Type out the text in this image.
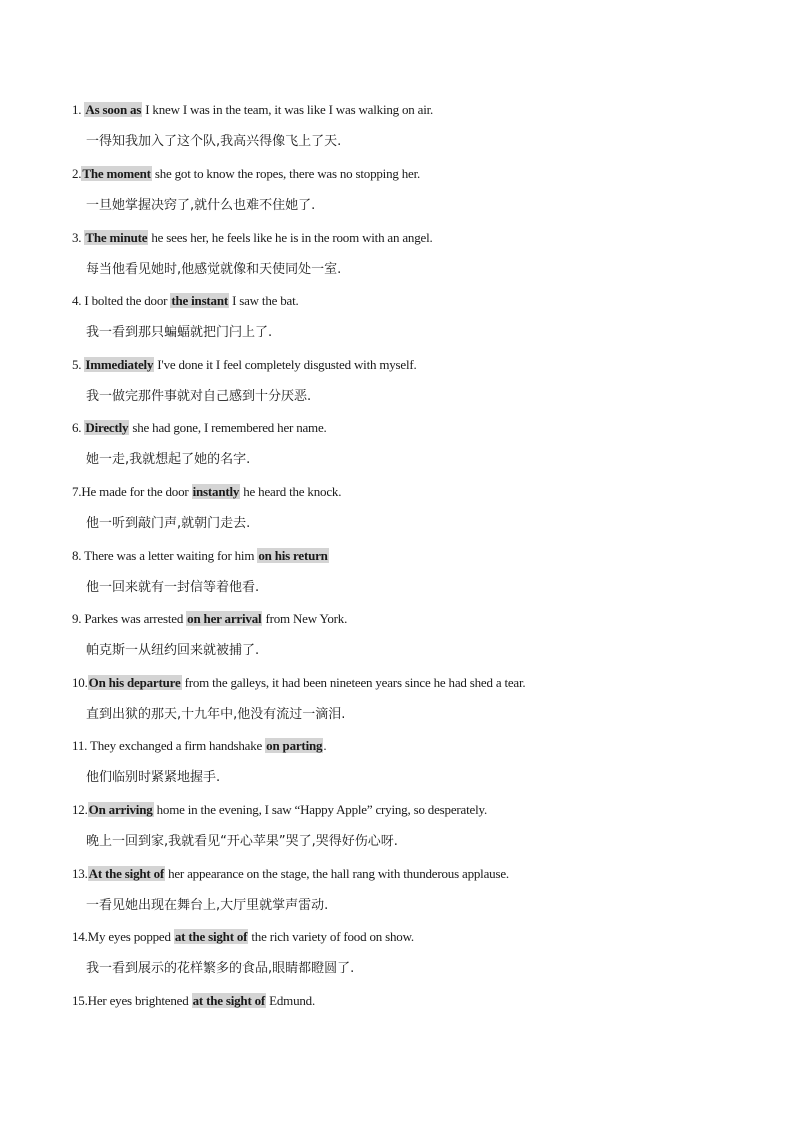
1. As soon as I knew I was in the team, it was like I was walking on air.
一得知我加入了这个队,我高兴得像飞上了天.
2.The moment she got to know the ropes, there was no stopping her.
一旦她掌握决窍了,就什么也难不住她了.
3. The minute he sees her, he feels like he is in the room with an angel.
每当他看见她时,他感觉就像和天使同处一室.
4. I bolted the door the instant I saw the bat.
我一看到那只蝙蝠就把门闩上了.
5. Immediately I've done it I feel completely disgusted with myself.
我一做完那件事就对自己感到十分厌恶.
6. Directly she had gone, I remembered her name.
她一走,我就想起了她的名字.
7.He made for the door instantly he heard the knock.
他一听到敲门声,就朝门走去.
8. There was a letter waiting for him on his return
他一回来就有一封信等着他看.
9. Parkes was arrested on her arrival from New York.
帕克斯一从纽约回来就被捕了.
10.On his departure from the galleys, it had been nineteen years since he had shed a tear.
直到出狱的那天,十九年中,他没有流过一滴泪.
11. They exchanged a firm handshake on parting.
他们临别时紧紧地握手.
12.On arriving home in the evening, I saw “Happy Apple” crying, so desperately.
晚上一回到家,我就看见“开心苹果”哭了,哭得好伤心呀.
13.At the sight of her appearance on the stage, the hall rang with thunderous applause.
一看见她出现在舞台上,大厅里就掌声雷动.
14.My eyes popped at the sight of the rich variety of food on show.
我一看到展示的花样繁多的食品,眼睛都瞪圆了.
15.Her eyes brightened at the sight of Edmund.
